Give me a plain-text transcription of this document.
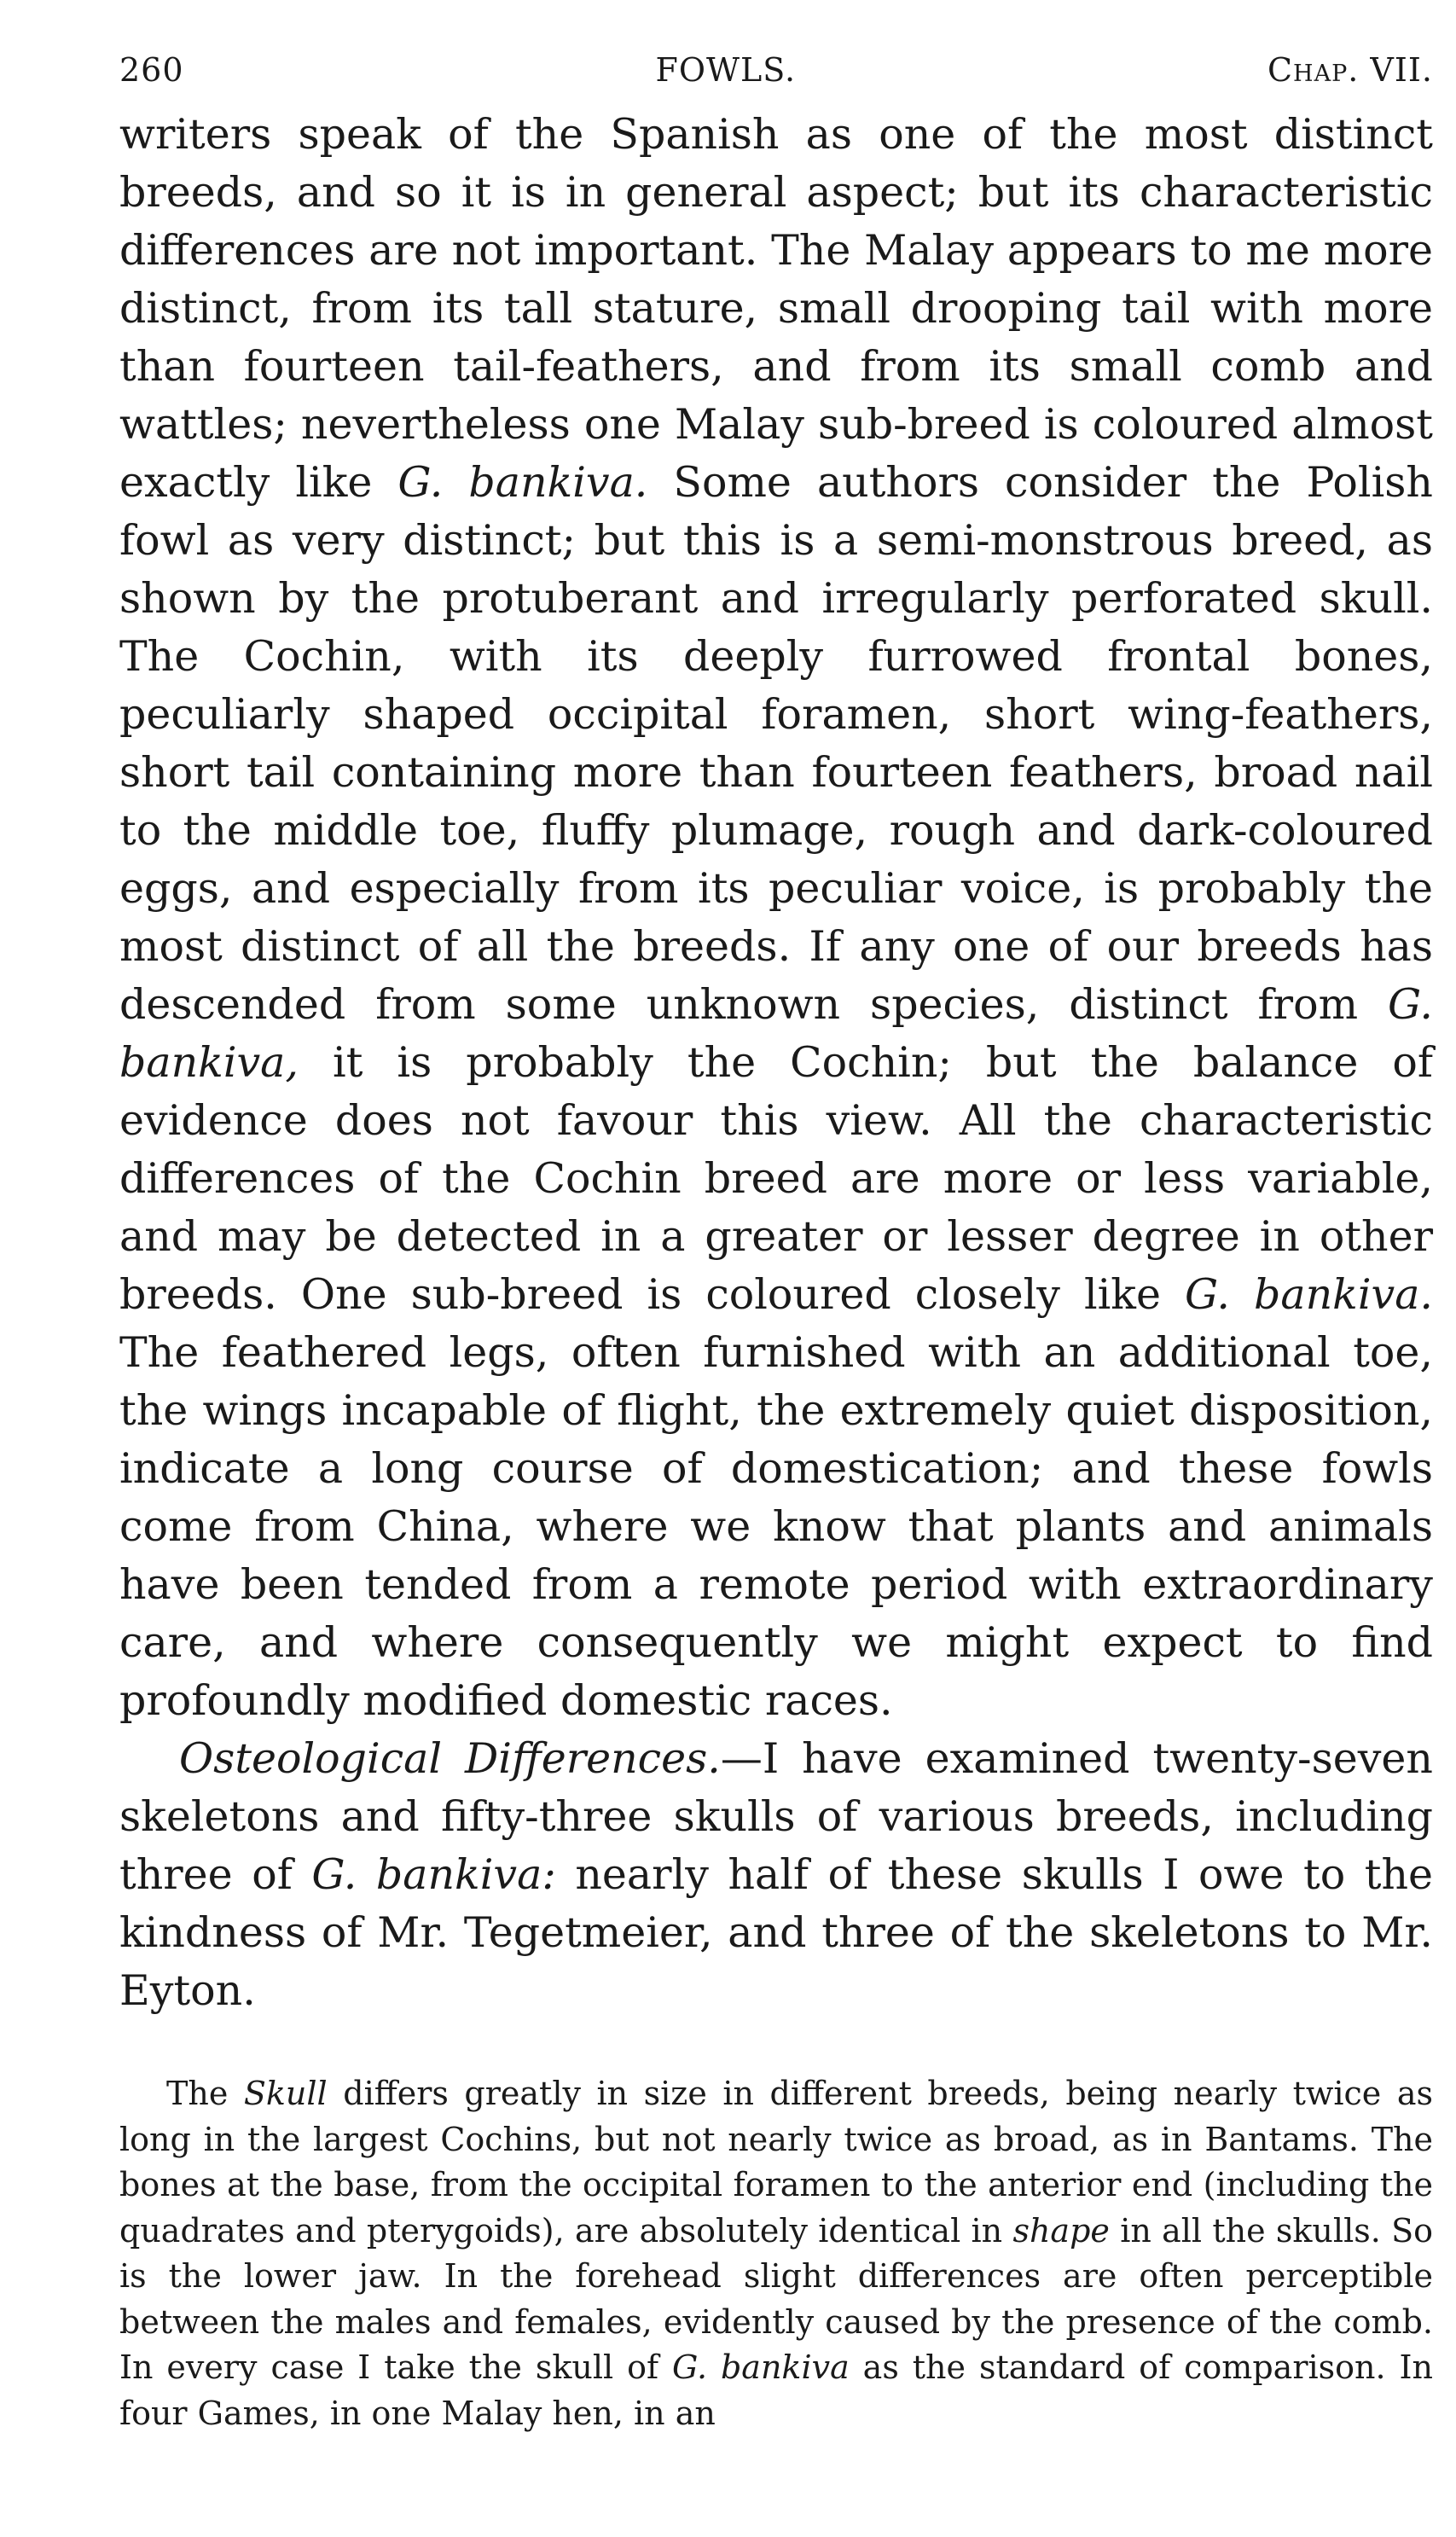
260	FOWLS.	Chap. VII.

writers speak of the Spanish as one of the most distinct breeds, and so it is in general aspect; but its characteristic differences are not important. The Malay appears to me more distinct, from its tall stature, small drooping tail with more than fourteen tail-feathers, and from its small comb and wattles; nevertheless one Malay sub-breed is coloured almost exactly like G. bankiva. Some authors consider the Polish fowl as very distinct; but this is a semi-monstrous breed, as shown by the protuberant and irregularly perforated skull. The Cochin, with its deeply furrowed frontal bones, peculiarly shaped occipital foramen, short wing-feathers, short tail containing more than fourteen feathers, broad nail to the middle toe, fluffy plumage, rough and dark-coloured eggs, and especially from its peculiar voice, is probably the most distinct of all the breeds. If any one of our breeds has descended from some unknown species, distinct from G. bankiva, it is probably the Cochin; but the balance of evidence does not favour this view. All the characteristic differences of the Cochin breed are more or less variable, and may be detected in a greater or lesser degree in other breeds. One sub-breed is coloured closely like G. bankiva. The feathered legs, often furnished with an additional toe, the wings incapable of flight, the extremely quiet disposition, indicate a long course of domestication; and these fowls come from China, where we know that plants and animals have been tended from a remote period with extraordinary care, and where consequently we might expect to find profoundly modified domestic races.

Osteological Differences.—I have examined twenty-seven skeletons and fifty-three skulls of various breeds, including three of G. bankiva: nearly half of these skulls I owe to the kindness of Mr. Tegetmeier, and three of the skeletons to Mr. Eyton.

The Skull differs greatly in size in different breeds, being nearly twice as long in the largest Cochins, but not nearly twice as broad, as in Bantams. The bones at the base, from the occipital foramen to the anterior end (including the quadrates and pterygoids), are absolutely identical in shape in all the skulls. So is the lower jaw. In the forehead slight differences are often perceptible between the males and females, evidently caused by the presence of the comb. In every case I take the skull of G. bankiva as the standard of comparison. In four Games, in one Malay hen, in an
